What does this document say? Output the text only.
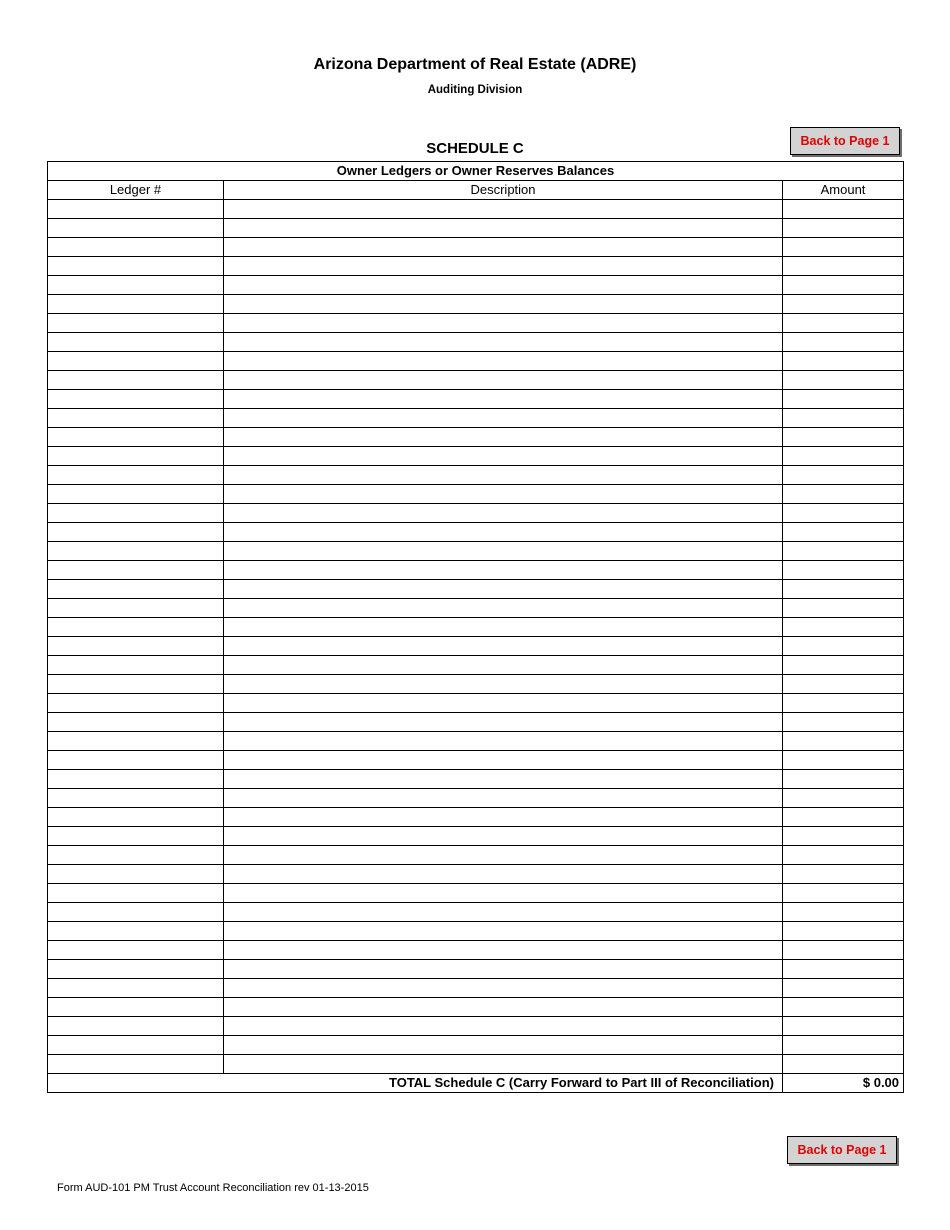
Arizona Department of Real Estate (ADRE)
Auditing Division
SCHEDULE C	Back to Page 1
Owner Ledgers or Owner Reserves Balances		
Ledger #	Description	Amount

TOTAL Schedule C (Carry Forward to Part III of Reconciliation)		$ 0.00
Back to Page 1
Form AUD-101 PM Trust Account Reconciliation rev 01-13-2015
